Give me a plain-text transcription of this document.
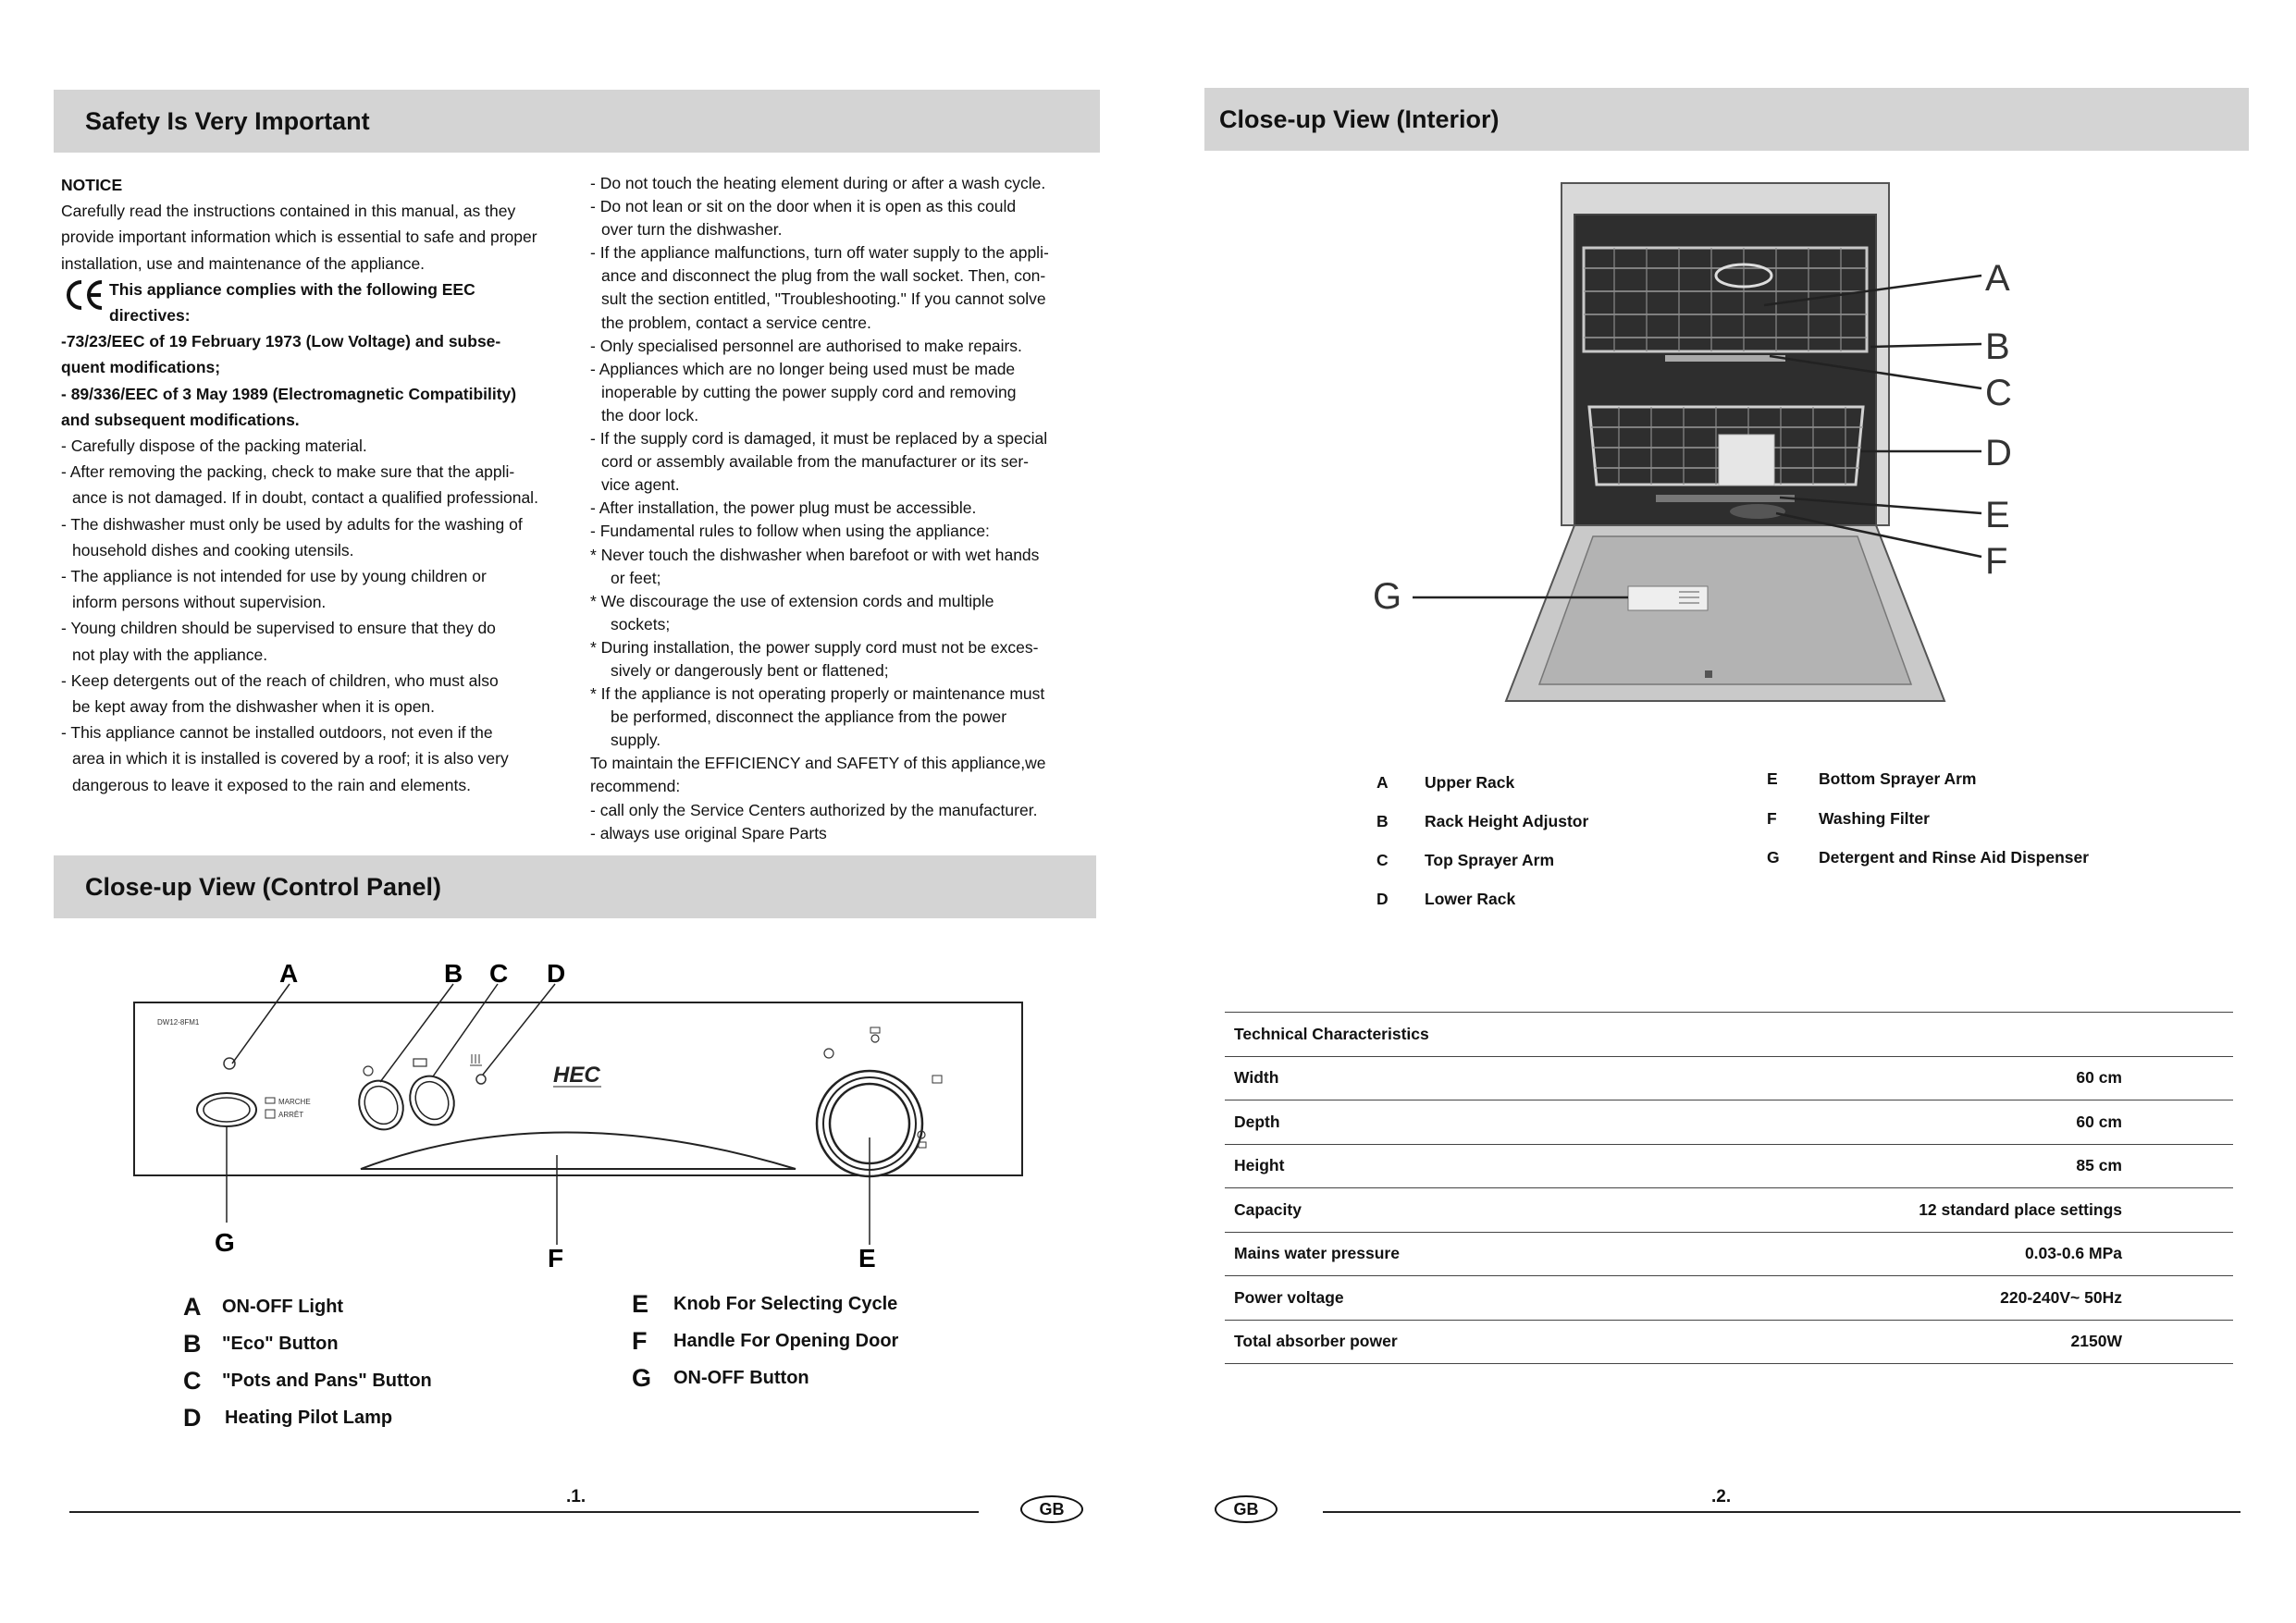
Safety Is Very Important

NOTICE

Carefully read the instructions contained in this manual, as they

provide important information which is essential to safe and proper

installation, use and maintenance of the appliance.

This appliance complies with the following EEC

directives:

-73/23/EEC of 19 February 1973 (Low Voltage) and subse-

quent modifications;

- 89/336/EEC of 3 May 1989 (Electromagnetic Compatibility)

and subsequent modifications.

- Carefully dispose of the packing material.

- After removing the packing, check to make sure that the appli-

ance is not damaged. If in doubt, contact a qualified professional.

- The dishwasher must only be used by adults for the washing of

household dishes and cooking utensils.

- The appliance is not intended for use by young children or

inform persons without supervision.

- Young children should be supervised to ensure that they do

not play with the appliance.

- Keep detergents out of the reach of children, who must also

be kept away from the dishwasher when it is open.

- This appliance cannot be installed outdoors, not even if the

area in which it is installed is covered by a roof; it is also very

dangerous to leave it exposed to the rain and elements.

- Do not touch the heating element during or after a wash cycle.

- Do not lean or sit on the door when it is open as this could

over turn the dishwasher.

- If the appliance malfunctions, turn off water supply to the appli-

ance and disconnect the plug from the wall socket. Then, con-

sult the section entitled, "Troubleshooting." If you cannot solve

the problem, contact a service centre.

- Only specialised personnel are authorised to make repairs.

- Appliances which are no longer being used must be made

inoperable by cutting the power supply cord and removing

the door lock.

- If the supply cord is damaged, it must be replaced by a special

cord or assembly available from the manufacturer or its ser-

vice agent.

- After installation, the power plug must be accessible.

- Fundamental rules to follow when using the appliance:

* Never touch the dishwasher when barefoot or with wet hands

or feet;

* We discourage the use of extension cords and multiple

sockets;

* During installation, the power supply cord must not be exces-

sively or dangerously bent or flattened;

* If the appliance is not operating properly or maintenance must

be performed, disconnect the appliance from the power

supply.

To maintain the EFFICIENCY and SAFETY of this appliance,we

recommend:

- call only the Service Centers authorized by the manufacturer.

- always use original Spare Parts

Close-up View (Control Panel)
DW12-8FM1
MARCHE
ARRÊT
HEC
A	B C D
G
F	E
A	ON-OFF Light
B	"Eco" Button
C	"Pots and Pans" Button
D	Heating Pilot Lamp
E	Knob For Selecting Cycle
F	Handle For Opening Door
G	ON-OFF Button
.1.
GB
Close-up View (Interior)
A
B
C
D
E
F
G
A	Upper Rack
B	Rack Height Adjustor
C	Top Sprayer Arm
D	Lower Rack
E	Bottom Sprayer Arm
F	Washing Filter
G	Detergent and Rinse Aid Dispenser
Technical Characteristics	
Width	60 cm
Depth	60 cm
Height	85 cm
Capacity	12 standard place settings
Mains water pressure	0.03-0.6 MPa
Power voltage	220-240V~ 50Hz
Total absorber power	2150W
GB
.2.
